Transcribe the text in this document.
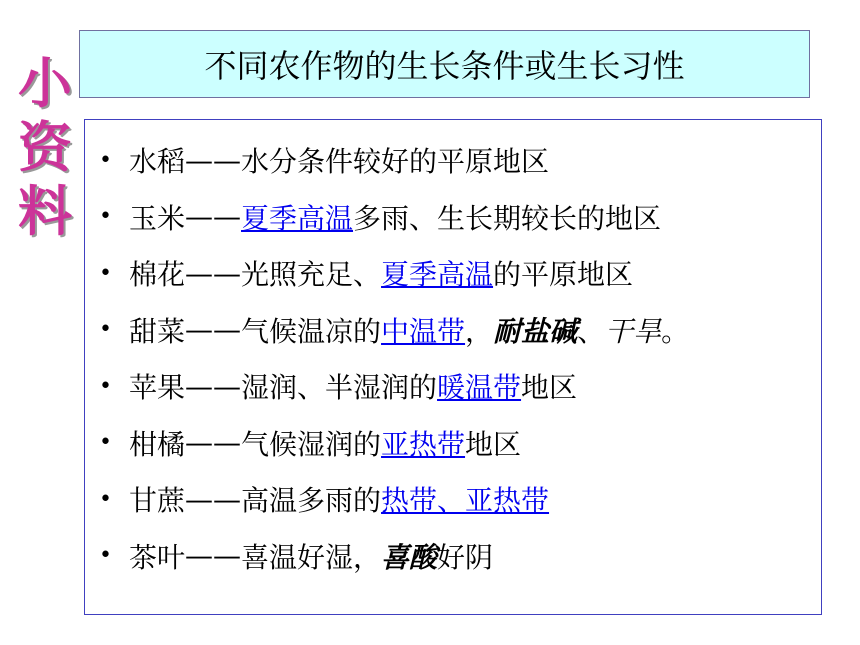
小
资
料
不同农作物的生长条件或生长习性
• 水稻 —— 水分条件较好的平原地区
• 玉米 —— 夏季高温 多雨、生长期较长的地区
• 棉花 —— 光照充足、 夏季高温 的平原地区
• 甜菜 —— 气候温凉的 中温带 ， 耐盐碱 、 干旱 。
• 苹果 —— 湿润、半湿润的 暖温带 地区
• 柑橘 —— 气候湿润的 亚热带 地区
• 甘蔗 —— 高温多雨的 热带、亚热带
• 茶叶 —— 喜温好湿， 喜酸 好阴
